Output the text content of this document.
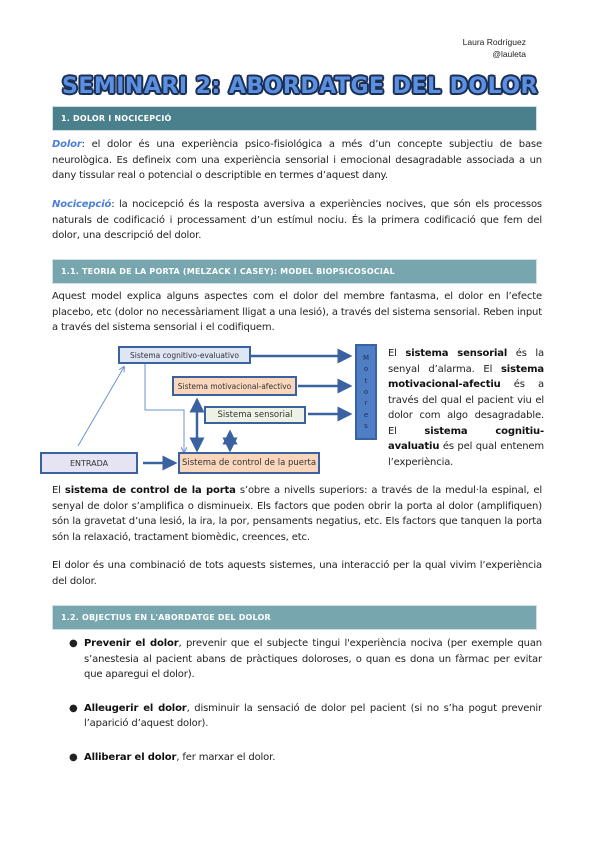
Laura Rodríguez
@lauleta
SEMINARI 2: ABORDATGE DEL DOLOR
1. DOLOR I NOCICEPCIÓ
Dolor: el dolor és una experiència psico-fisiológica a més d’un concepte subjectiu de base neurològica. Es defineix com una experiència sensorial i emocional desagradable associada a un dany tissular real o potencial o descriptible en termes d’aquest dany.
Nocicepció: la nocicepció és la resposta aversiva a experiències nocives, que són els processos naturals de codificació i processament d’un estímul nociu. És la primera codificació que fem del dolor, una descripció del dolor.
1.1. TEORIA DE LA PORTA (MELZACK I CASEY): MODEL BIOPSICOSOCIAL
Aquest model explica alguns aspectes com el dolor del membre fantasma, el dolor en l’efecte placebo, etc (dolor no necessàriament lligat a una lesió), a través del sistema sensorial. Reben input a través del sistema sensorial i el codifiquem.
Sistema cognitivo-evaluativo
Sistema motivacional-afectivo
Sistema sensorial
ENTRADA	Sistema de control de la puerta
M
o
t
o
r
e
s
El sistema sensorial és la senyal d’alarma. El sistema motivacional-afectiu és a través del qual el pacient viu el dolor com algo desagradable. El sistema cognitiu-avaluatiu és pel qual entenem l’experiència.
El sistema de control de la porta s’obre a nivells superiors: a través de la medul·la espinal, el senyal de dolor s’amplifica o disminueix. Els factors que poden obrir la porta al dolor (amplifiquen) són la gravetat d’una lesió, la ira, la por, pensaments negatius, etc. Els factors que tanquen la porta són la relaxació, tractament biomèdic, creences, etc.
El dolor és una combinació de tots aquests sistemes, una interacció per la qual vivim l’experiència del dolor.
1.2. OBJECTIUS EN L'ABORDATGE DEL DOLOR
● Prevenir el dolor, prevenir que el subjecte tingui l'experiència nociva (per exemple quan s’anestesia al pacient abans de pràctiques doloroses, o quan es dona un fàrmac per evitar que aparegui el dolor).
● Alleugerir el dolor, disminuir la sensació de dolor pel pacient (si no s’ha pogut prevenir l’aparició d’aquest dolor).
● Alliberar el dolor, fer marxar el dolor.
